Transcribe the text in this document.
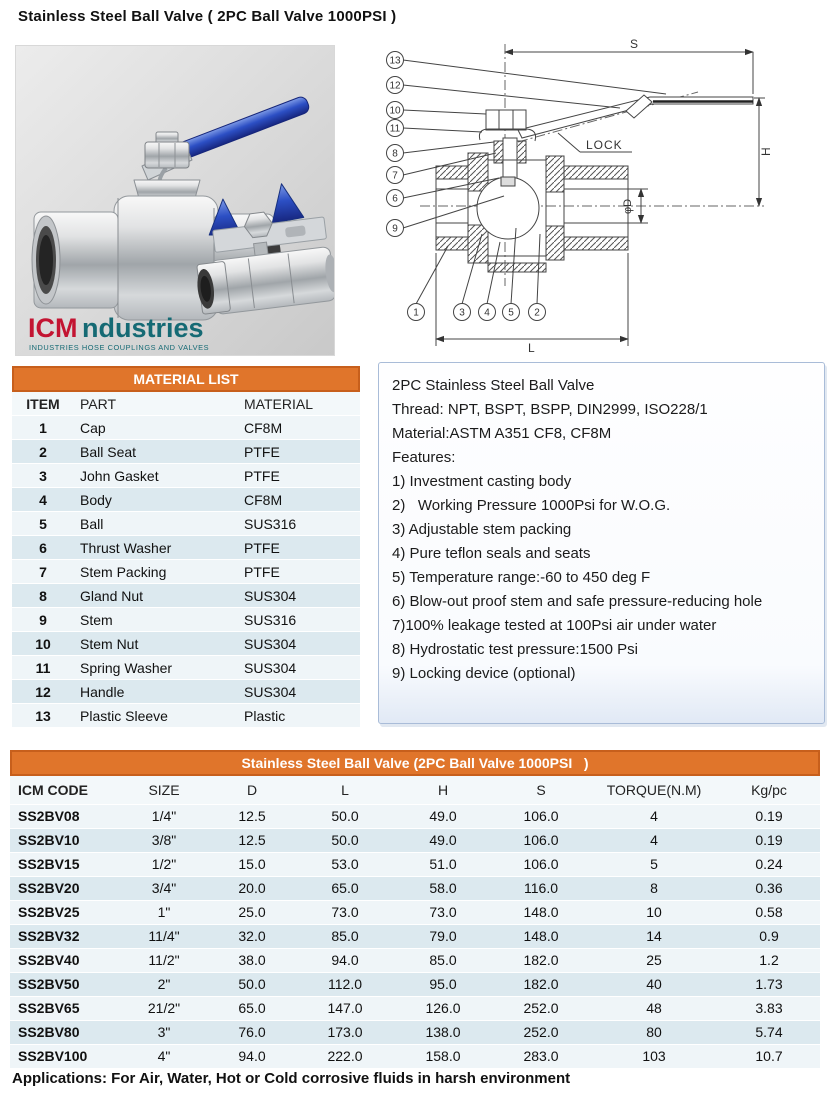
Stainless Steel Ball Valve ( 2PC Ball Valve 1000PSI )
ICM ndustries
INDUSTRIES HOSE COUPLINGS AND VALVES
S
H
L
φD
LOCK
13
12
10
11
8
7
6
9
1	3 4 5 2
MATERIAL LIST
ITEM	PART	MATERIAL
1	Cap	CF8M
2	Ball Seat	PTFE
3	John Gasket	PTFE
4	Body	CF8M
5	Ball	SUS316
6	Thrust Washer	PTFE
7	Stem Packing	PTFE
8	Gland Nut	SUS304
9	Stem	SUS316
10	Stem Nut	SUS304
11	Spring Washer	SUS304
12	Handle	SUS304
13	Plastic Sleeve	Plastic
2PC Stainless Steel Ball Valve
Thread: NPT, BSPT, BSPP, DIN2999, ISO228/1
Material:ASTM A351 CF8, CF8M
Features:
1) Investment casting body
2)   Working Pressure 1000Psi for W.O.G.
3) Adjustable stem packing
4) Pure teflon seals and seats
5) Temperature range:-60 to 450 deg F
6) Blow-out proof stem and safe pressure-reducing hole
7)100% leakage tested at 100Psi air under water
8) Hydrostatic test pressure:1500 Psi
9) Locking device (optional)
Stainless Steel Ball Valve (2PC Ball Valve 1000PSI   )
ICM CODE	SIZE	D	L	H	S	TORQUE(N.M)	Kg/pc
SS2BV08	1/4"	12.5	50.0	49.0	106.0	4	0.19
SS2BV10	3/8"	12.5	50.0	49.0	106.0	4	0.19
SS2BV15	1/2"	15.0	53.0	51.0	106.0	5	0.24
SS2BV20	3/4"	20.0	65.0	58.0	116.0	8	0.36
SS2BV25	1"	25.0	73.0	73.0	148.0	10	0.58
SS2BV32	11/4"	32.0	85.0	79.0	148.0	14	0.9
SS2BV40	11/2"	38.0	94.0	85.0	182.0	25	1.2
SS2BV50	2"	50.0	112.0	95.0	182.0	40	1.73
SS2BV65	21/2"	65.0	147.0	126.0	252.0	48	3.83
SS2BV80	3"	76.0	173.0	138.0	252.0	80	5.74
SS2BV100	4"	94.0	222.0	158.0	283.0	103	10.7
Applications: For Air, Water, Hot or Cold corrosive fluids in harsh environment
